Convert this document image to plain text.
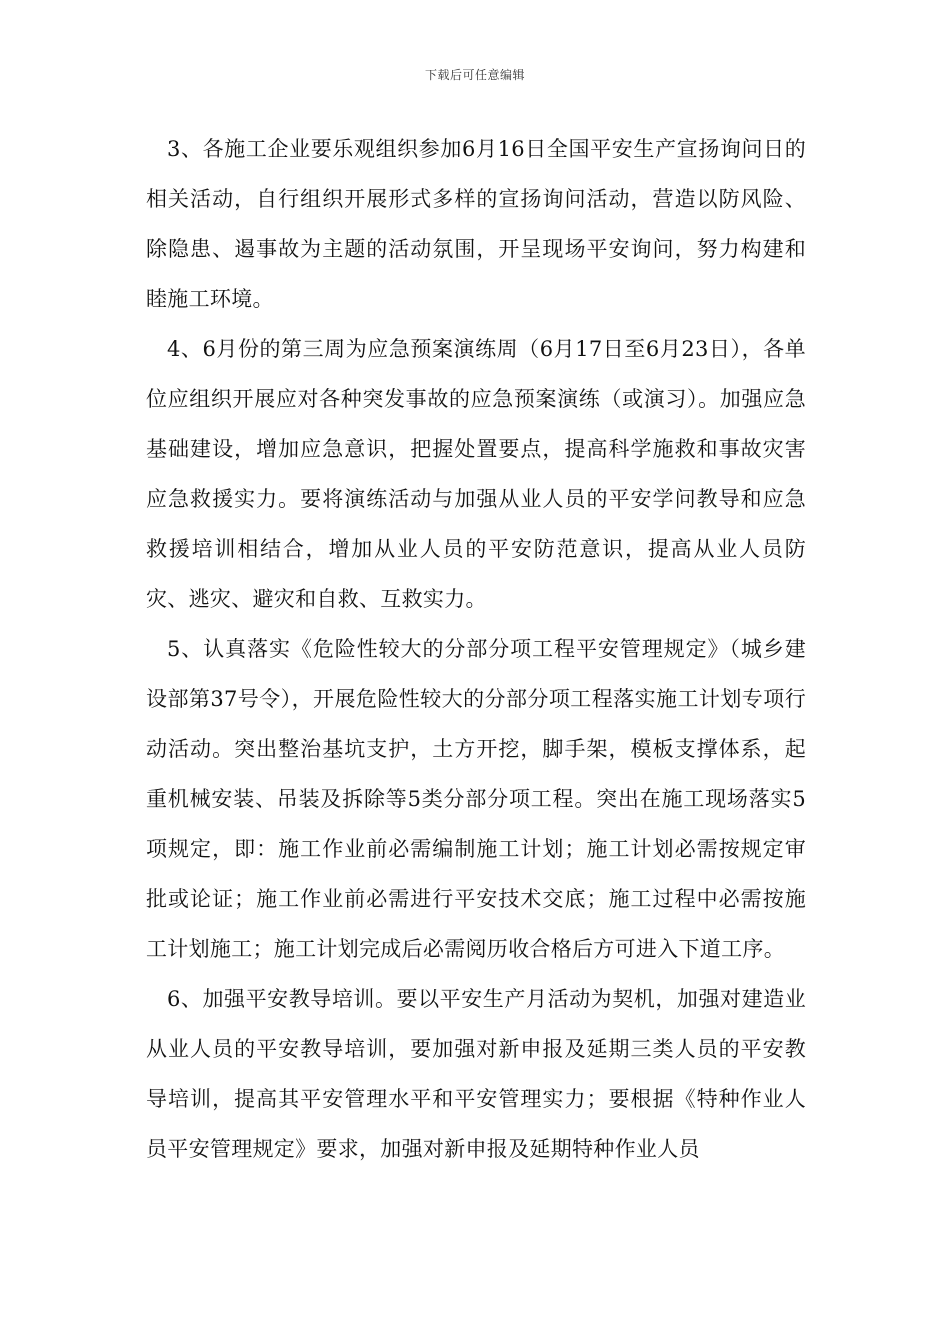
下载后可任意编辑

3、各施工企业要乐观组织参加6月16日全国平安生产宣扬询问日的相关活动，自行组织开展形式多样的宣扬询问活动，营造以防风险、除隐患、遏事故为主题的活动氛围，开呈现场平安询问，努力构建和睦施工环境。

4、6月份的第三周为应急预案演练周（6月17日至6月23日），各单位应组织开展应对各种突发事故的应急预案演练（或演习）。加强应急基础建设，增加应急意识，把握处置要点，提高科学施救和事故灾害应急救援实力。要将演练活动与加强从业人员的平安学问教导和应急救援培训相结合，增加从业人员的平安防范意识，提高从业人员防灾、逃灾、避灾和自救、互救实力。

5、认真落实《危险性较大的分部分项工程平安管理规定》（城乡建设部第37号令），开展危险性较大的分部分项工程落实施工计划专项行动活动。突出整治基坑支护，土方开挖，脚手架，模板支撑体系，起重机械安装、吊装及拆除等5类分部分项工程。突出在施工现场落实5项规定，即：施工作业前必需编制施工计划；施工计划必需按规定审批或论证；施工作业前必需进行平安技术交底；施工过程中必需按施工计划施工；施工计划完成后必需阅历收合格后方可进入下道工序。

6、加强平安教导培训。要以平安生产月活动为契机，加强对建造业从业人员的平安教导培训，要加强对新申报及延期三类人员的平安教导培训，提高其平安管理水平和平安管理实力；要根据《特种作业人员平安管理规定》要求，加强对新申报及延期特种作业人员
